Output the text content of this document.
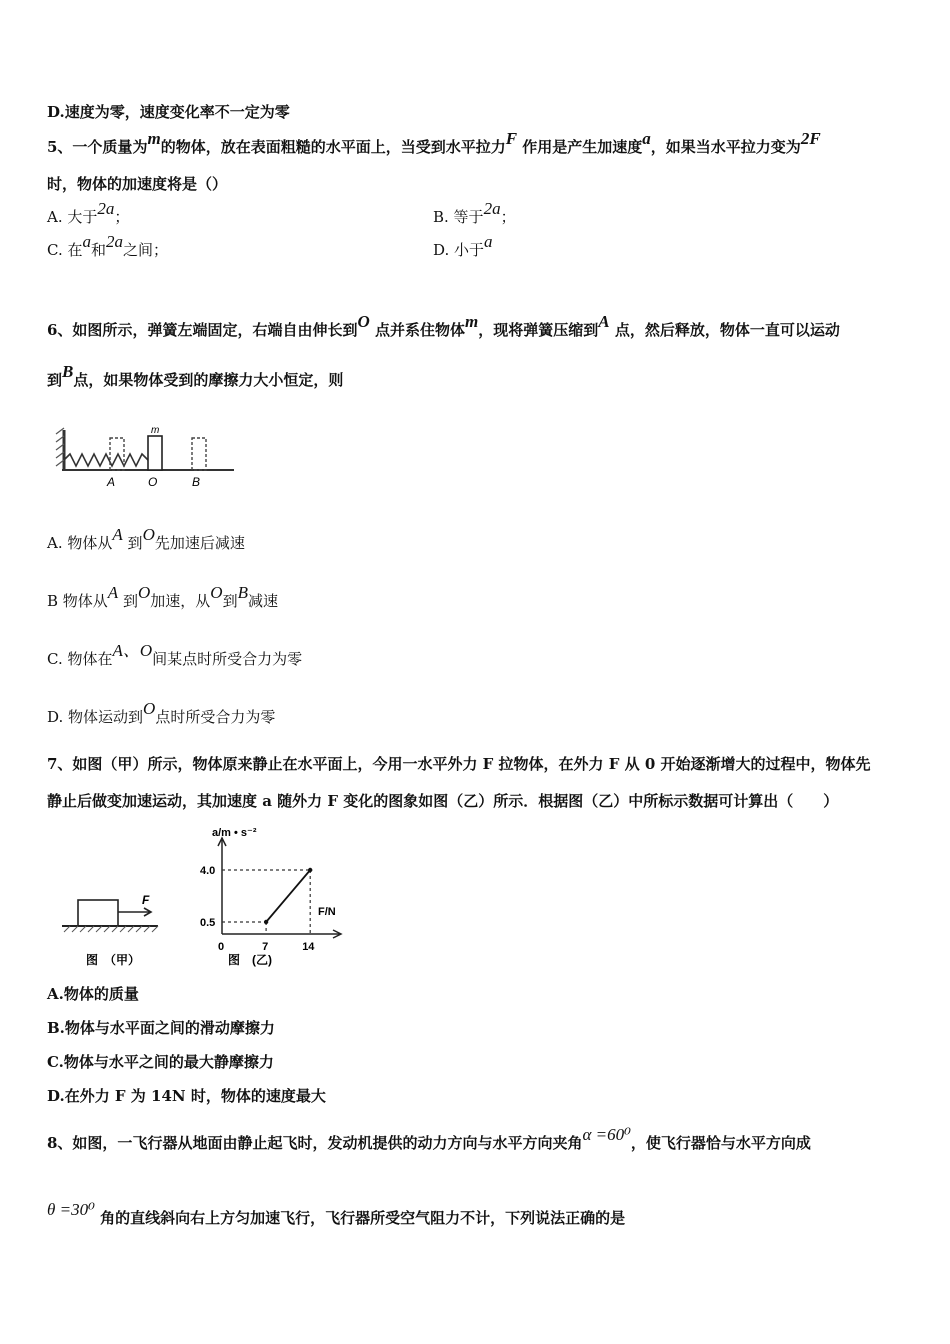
D.速度为零，速度变化率不一定为零
5、一个质量为m的物体，放在表面粗糙的水平面上，当受到水平拉力F 作用是产生加速度a，如果当水平拉力变为2F
时，物体的加速度将是（）
A. 大于2a；	B. 等于2a；
C. 在a和2a之间；	D. 小于a
6、如图所示，弹簧左端固定，右端自由伸长到O 点并系住物体m，现将弹簧压缩到A 点，然后释放，物体一直可以运动
到B点，如果物体受到的摩擦力大小恒定，则
m
A	O	B
A. 物体从A 到O先加速后减速
B 物体从A 到O加速，从O到B减速
C. 物体在A、O间某点时所受合力为零
D. 物体运动到O点时所受合力为零
7、如图（甲）所示，物体原来静止在水平面上，今用一水平外力 F 拉物体，在外力 F 从 0 开始逐渐增大的过程中，物体先
静止后做变加速运动，其加速度 a 随外力 F 变化的图象如图（乙）所示．根据图（乙）中所标示数据可计算出（　　）
F
图　（甲）
a/m • s⁻²
F/N
4.0
0.5
0	7	14
图　(乙)
A.物体的质量
B.物体与水平面之间的滑动摩擦力
C.物体与水平之间的最大静摩擦力
D.在外力 F 为 14N 时，物体的速度最大
8、如图，一飞行器从地面由静止起飞时，发动机提供的动力方向与水平方向夹角α =60⁰，使飞行器恰与水平方向成
θ =30⁰ 角的直线斜向右上方匀加速飞行，飞行器所受空气阻力不计，下列说法正确的是
